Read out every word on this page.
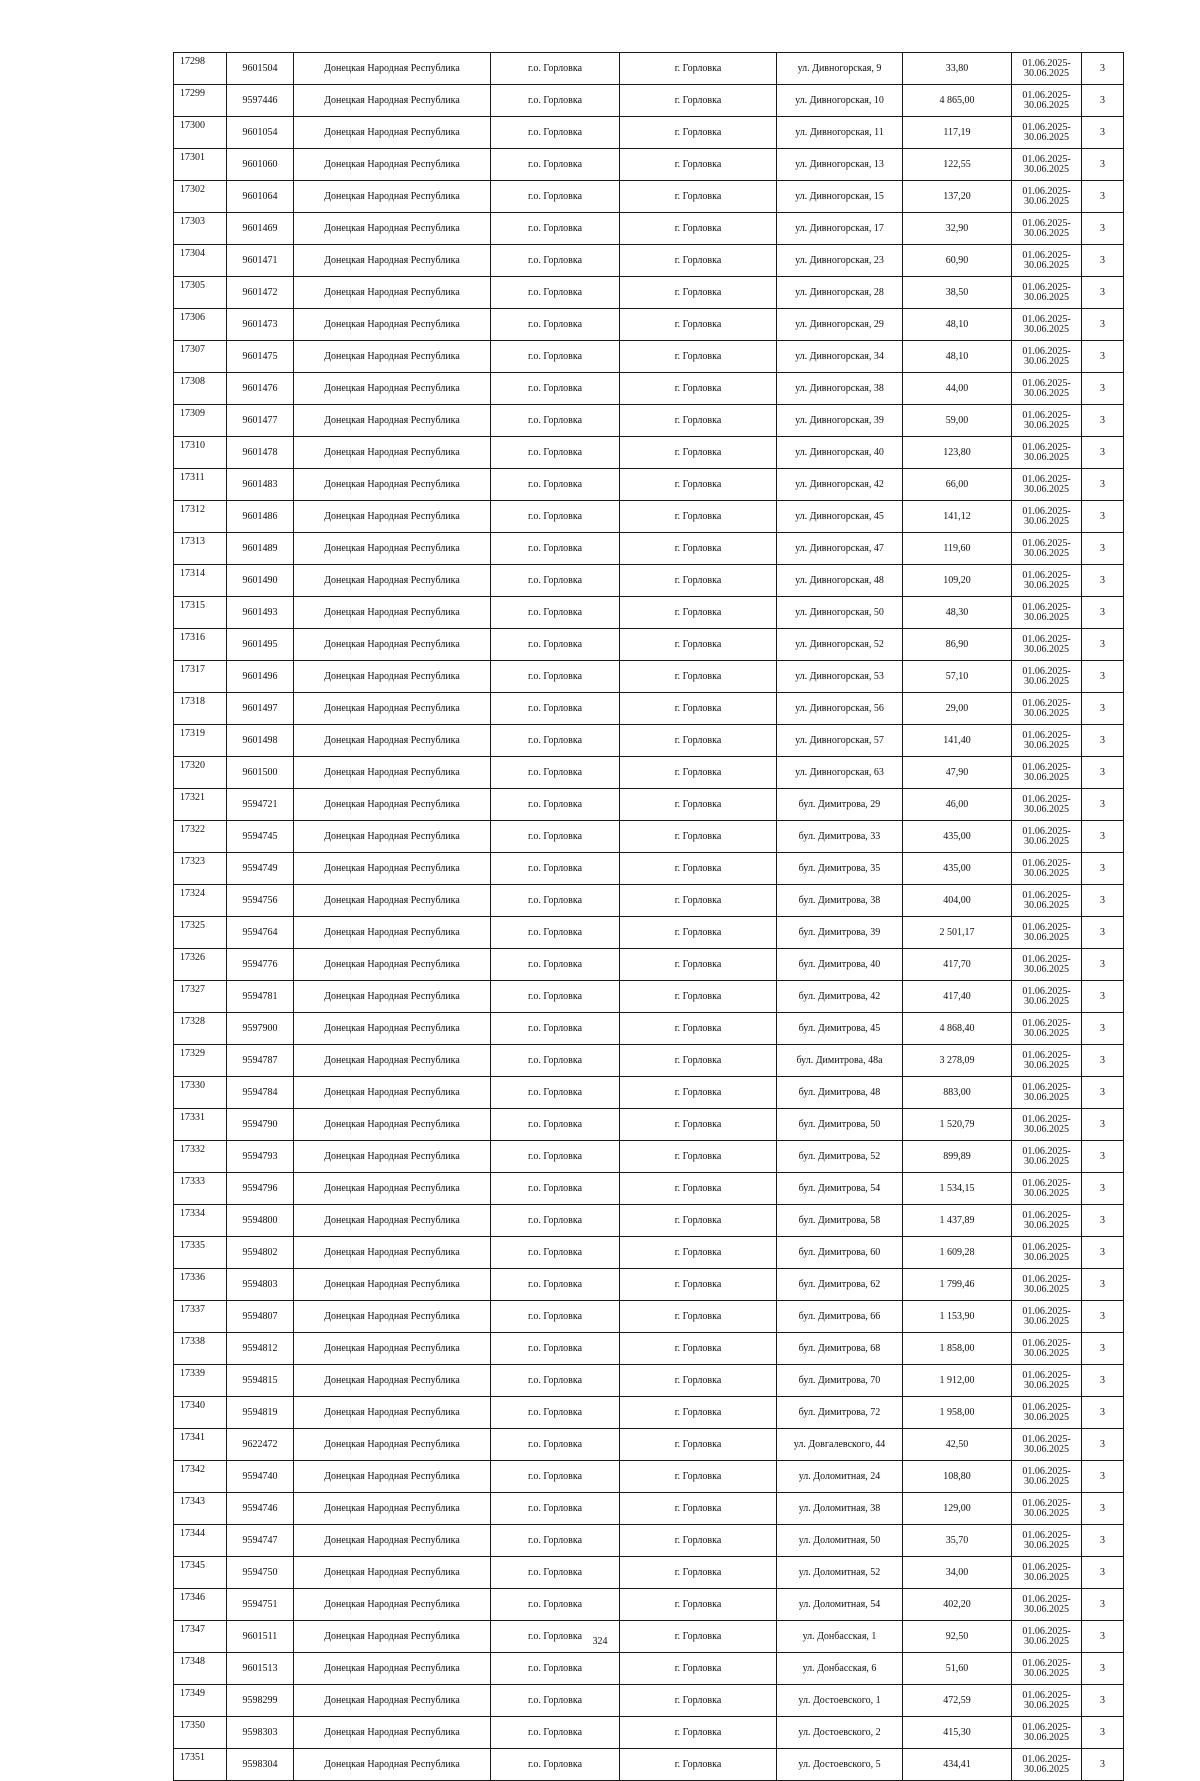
17298	9601504	Донецкая Народная Республика	г.о. Горловка	г. Горловка	ул. Дивногорская, 9	33,80	01.06.2025-
30.06.2025	3
17299	9597446	Донецкая Народная Республика	г.о. Горловка	г. Горловка	ул. Дивногорская, 10	4 865,00	01.06.2025-
30.06.2025	3
17300	9601054	Донецкая Народная Республика	г.о. Горловка	г. Горловка	ул. Дивногорская, 11	117,19	01.06.2025-
30.06.2025	3
17301	9601060	Донецкая Народная Республика	г.о. Горловка	г. Горловка	ул. Дивногорская, 13	122,55	01.06.2025-
30.06.2025	3
17302	9601064	Донецкая Народная Республика	г.о. Горловка	г. Горловка	ул. Дивногорская, 15	137,20	01.06.2025-
30.06.2025	3
17303	9601469	Донецкая Народная Республика	г.о. Горловка	г. Горловка	ул. Дивногорская, 17	32,90	01.06.2025-
30.06.2025	3
17304	9601471	Донецкая Народная Республика	г.о. Горловка	г. Горловка	ул. Дивногорская, 23	60,90	01.06.2025-
30.06.2025	3
17305	9601472	Донецкая Народная Республика	г.о. Горловка	г. Горловка	ул. Дивногорская, 28	38,50	01.06.2025-
30.06.2025	3
17306	9601473	Донецкая Народная Республика	г.о. Горловка	г. Горловка	ул. Дивногорская, 29	48,10	01.06.2025-
30.06.2025	3
17307	9601475	Донецкая Народная Республика	г.о. Горловка	г. Горловка	ул. Дивногорская, 34	48,10	01.06.2025-
30.06.2025	3
17308	9601476	Донецкая Народная Республика	г.о. Горловка	г. Горловка	ул. Дивногорская, 38	44,00	01.06.2025-
30.06.2025	3
17309	9601477	Донецкая Народная Республика	г.о. Горловка	г. Горловка	ул. Дивногорская, 39	59,00	01.06.2025-
30.06.2025	3
17310	9601478	Донецкая Народная Республика	г.о. Горловка	г. Горловка	ул. Дивногорская, 40	123,80	01.06.2025-
30.06.2025	3
17311	9601483	Донецкая Народная Республика	г.о. Горловка	г. Горловка	ул. Дивногорская, 42	66,00	01.06.2025-
30.06.2025	3
17312	9601486	Донецкая Народная Республика	г.о. Горловка	г. Горловка	ул. Дивногорская, 45	141,12	01.06.2025-
30.06.2025	3
17313	9601489	Донецкая Народная Республика	г.о. Горловка	г. Горловка	ул. Дивногорская, 47	119,60	01.06.2025-
30.06.2025	3
17314	9601490	Донецкая Народная Республика	г.о. Горловка	г. Горловка	ул. Дивногорская, 48	109,20	01.06.2025-
30.06.2025	3
17315	9601493	Донецкая Народная Республика	г.о. Горловка	г. Горловка	ул. Дивногорская, 50	48,30	01.06.2025-
30.06.2025	3
17316	9601495	Донецкая Народная Республика	г.о. Горловка	г. Горловка	ул. Дивногорская, 52	86,90	01.06.2025-
30.06.2025	3
17317	9601496	Донецкая Народная Республика	г.о. Горловка	г. Горловка	ул. Дивногорская, 53	57,10	01.06.2025-
30.06.2025	3
17318	9601497	Донецкая Народная Республика	г.о. Горловка	г. Горловка	ул. Дивногорская, 56	29,00	01.06.2025-
30.06.2025	3
17319	9601498	Донецкая Народная Республика	г.о. Горловка	г. Горловка	ул. Дивногорская, 57	141,40	01.06.2025-
30.06.2025	3
17320	9601500	Донецкая Народная Республика	г.о. Горловка	г. Горловка	ул. Дивногорская, 63	47,90	01.06.2025-
30.06.2025	3
17321	9594721	Донецкая Народная Республика	г.о. Горловка	г. Горловка	бул. Димитрова, 29	46,00	01.06.2025-
30.06.2025	3
17322	9594745	Донецкая Народная Республика	г.о. Горловка	г. Горловка	бул. Димитрова, 33	435,00	01.06.2025-
30.06.2025	3
17323	9594749	Донецкая Народная Республика	г.о. Горловка	г. Горловка	бул. Димитрова, 35	435,00	01.06.2025-
30.06.2025	3
17324	9594756	Донецкая Народная Республика	г.о. Горловка	г. Горловка	бул. Димитрова, 38	404,00	01.06.2025-
30.06.2025	3
17325	9594764	Донецкая Народная Республика	г.о. Горловка	г. Горловка	бул. Димитрова, 39	2 501,17	01.06.2025-
30.06.2025	3
17326	9594776	Донецкая Народная Республика	г.о. Горловка	г. Горловка	бул. Димитрова, 40	417,70	01.06.2025-
30.06.2025	3
17327	9594781	Донецкая Народная Республика	г.о. Горловка	г. Горловка	бул. Димитрова, 42	417,40	01.06.2025-
30.06.2025	3
17328	9597900	Донецкая Народная Республика	г.о. Горловка	г. Горловка	бул. Димитрова, 45	4 868,40	01.06.2025-
30.06.2025	3
17329	9594787	Донецкая Народная Республика	г.о. Горловка	г. Горловка	бул. Димитрова, 48а	3 278,09	01.06.2025-
30.06.2025	3
17330	9594784	Донецкая Народная Республика	г.о. Горловка	г. Горловка	бул. Димитрова, 48	883,00	01.06.2025-
30.06.2025	3
17331	9594790	Донецкая Народная Республика	г.о. Горловка	г. Горловка	бул. Димитрова, 50	1 520,79	01.06.2025-
30.06.2025	3
17332	9594793	Донецкая Народная Республика	г.о. Горловка	г. Горловка	бул. Димитрова, 52	899,89	01.06.2025-
30.06.2025	3
17333	9594796	Донецкая Народная Республика	г.о. Горловка	г. Горловка	бул. Димитрова, 54	1 534,15	01.06.2025-
30.06.2025	3
17334	9594800	Донецкая Народная Республика	г.о. Горловка	г. Горловка	бул. Димитрова, 58	1 437,89	01.06.2025-
30.06.2025	3
17335	9594802	Донецкая Народная Республика	г.о. Горловка	г. Горловка	бул. Димитрова, 60	1 609,28	01.06.2025-
30.06.2025	3
17336	9594803	Донецкая Народная Республика	г.о. Горловка	г. Горловка	бул. Димитрова, 62	1 799,46	01.06.2025-
30.06.2025	3
17337	9594807	Донецкая Народная Республика	г.о. Горловка	г. Горловка	бул. Димитрова, 66	1 153,90	01.06.2025-
30.06.2025	3
17338	9594812	Донецкая Народная Республика	г.о. Горловка	г. Горловка	бул. Димитрова, 68	1 858,00	01.06.2025-
30.06.2025	3
17339	9594815	Донецкая Народная Республика	г.о. Горловка	г. Горловка	бул. Димитрова, 70	1 912,00	01.06.2025-
30.06.2025	3
17340	9594819	Донецкая Народная Республика	г.о. Горловка	г. Горловка	бул. Димитрова, 72	1 958,00	01.06.2025-
30.06.2025	3
17341	9622472	Донецкая Народная Республика	г.о. Горловка	г. Горловка	ул. Довгалевского, 44	42,50	01.06.2025-
30.06.2025	3
17342	9594740	Донецкая Народная Республика	г.о. Горловка	г. Горловка	ул. Доломитная, 24	108,80	01.06.2025-
30.06.2025	3
17343	9594746	Донецкая Народная Республика	г.о. Горловка	г. Горловка	ул. Доломитная, 38	129,00	01.06.2025-
30.06.2025	3
17344	9594747	Донецкая Народная Республика	г.о. Горловка	г. Горловка	ул. Доломитная, 50	35,70	01.06.2025-
30.06.2025	3
17345	9594750	Донецкая Народная Республика	г.о. Горловка	г. Горловка	ул. Доломитная, 52	34,00	01.06.2025-
30.06.2025	3
17346	9594751	Донецкая Народная Республика	г.о. Горловка	г. Горловка	ул. Доломитная, 54	402,20	01.06.2025-
30.06.2025	3
17347	9601511	Донецкая Народная Республика	г.о. Горловка	г. Горловка	ул. Донбасская, 1	92,50	01.06.2025-
30.06.2025	3
17348	9601513	Донецкая Народная Республика	г.о. Горловка	г. Горловка	ул. Донбасская, 6	51,60	01.06.2025-
30.06.2025	3
17349	9598299	Донецкая Народная Республика	г.о. Горловка	г. Горловка	ул. Достоевского, 1	472,59	01.06.2025-
30.06.2025	3
17350	9598303	Донецкая Народная Республика	г.о. Горловка	г. Горловка	ул. Достоевского, 2	415,30	01.06.2025-
30.06.2025	3
17351	9598304	Донецкая Народная Республика	г.о. Горловка	г. Горловка	ул. Достоевского, 5	434,41	01.06.2025-
30.06.2025	3
324
